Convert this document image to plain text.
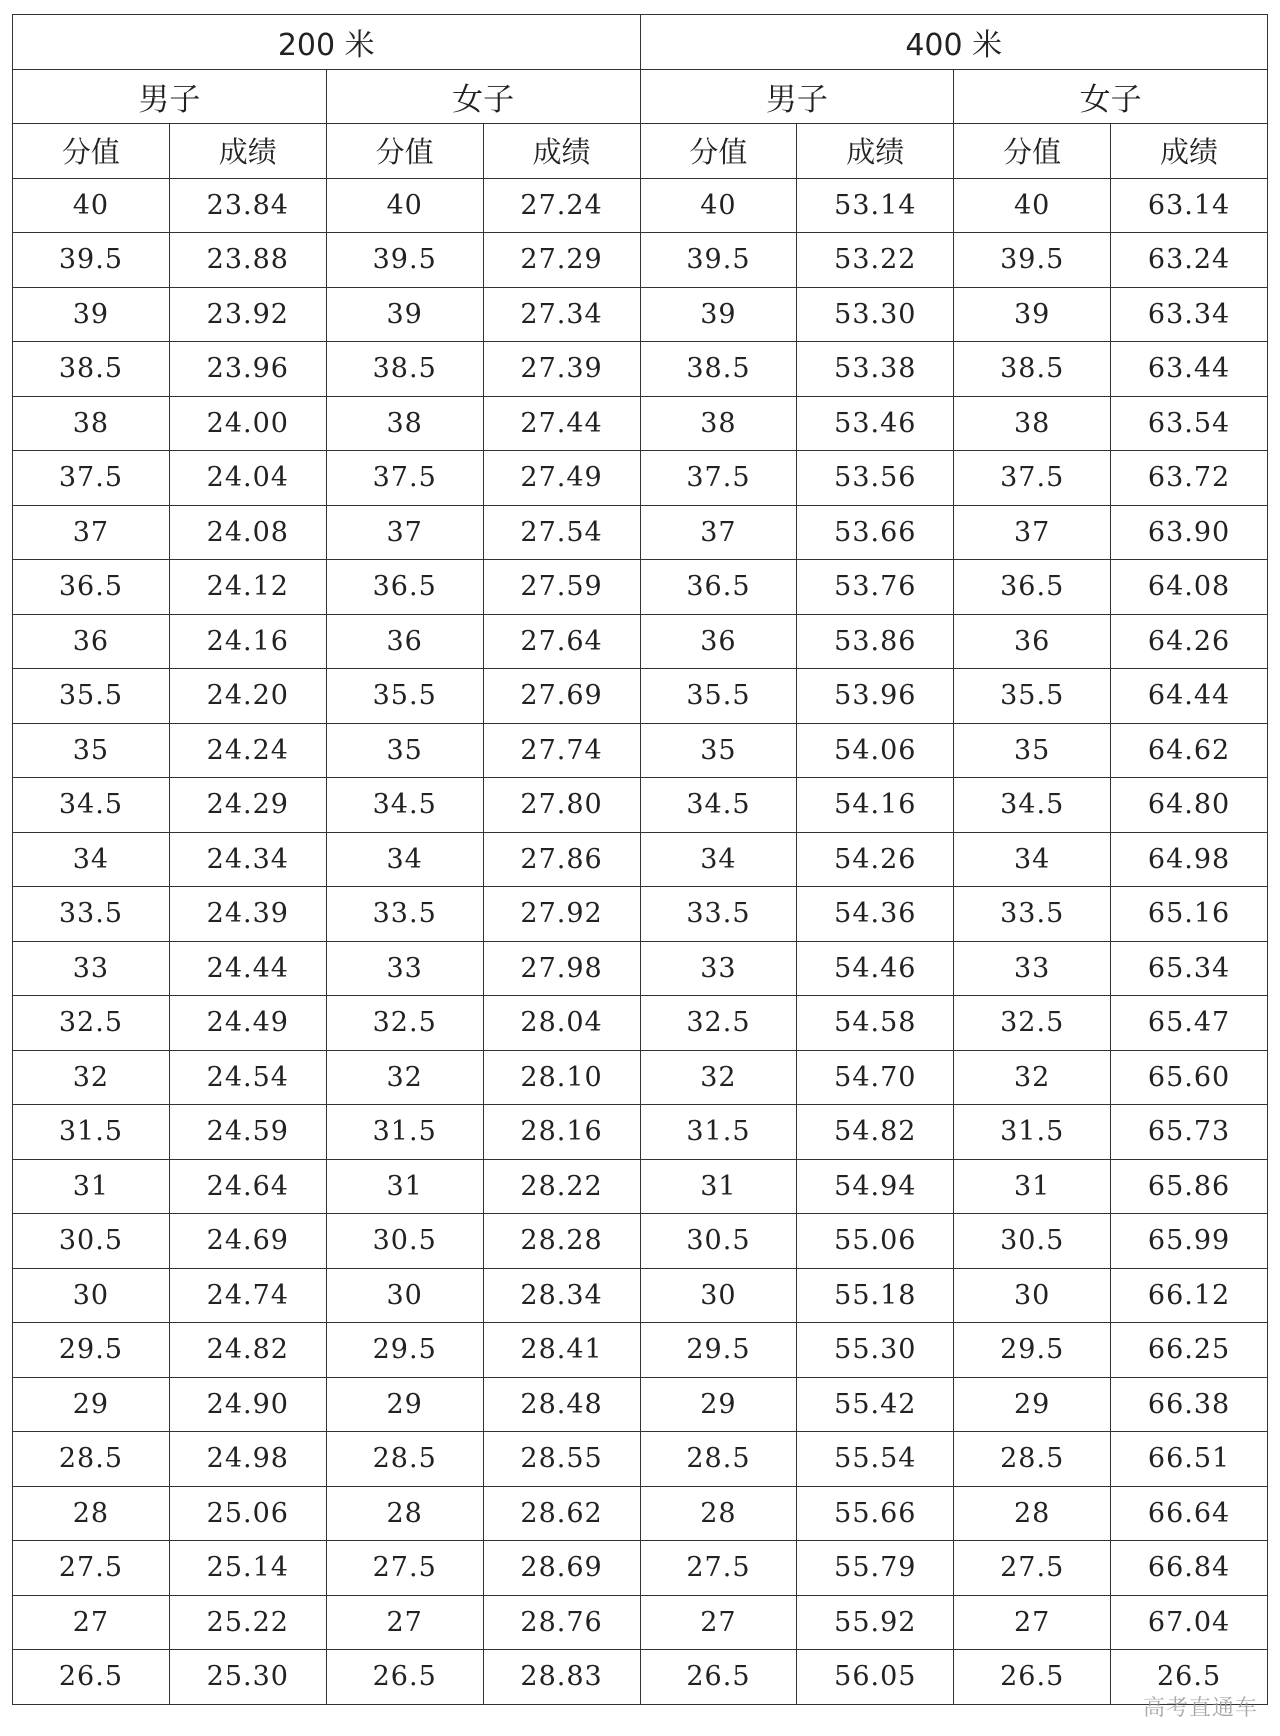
200 米				400 米			
男子		女子		男子		女子	
分值	成绩	分值	成绩	分值	成绩	分值	成绩
40	23.84	40	27.24	40	53.14	40	63.14
39.5	23.88	39.5	27.29	39.5	53.22	39.5	63.24
39	23.92	39	27.34	39	53.30	39	63.34
38.5	23.96	38.5	27.39	38.5	53.38	38.5	63.44
38	24.00	38	27.44	38	53.46	38	63.54
37.5	24.04	37.5	27.49	37.5	53.56	37.5	63.72
37	24.08	37	27.54	37	53.66	37	63.90
36.5	24.12	36.5	27.59	36.5	53.76	36.5	64.08
36	24.16	36	27.64	36	53.86	36	64.26
35.5	24.20	35.5	27.69	35.5	53.96	35.5	64.44
35	24.24	35	27.74	35	54.06	35	64.62
34.5	24.29	34.5	27.80	34.5	54.16	34.5	64.80
34	24.34	34	27.86	34	54.26	34	64.98
33.5	24.39	33.5	27.92	33.5	54.36	33.5	65.16
33	24.44	33	27.98	33	54.46	33	65.34
32.5	24.49	32.5	28.04	32.5	54.58	32.5	65.47
32	24.54	32	28.10	32	54.70	32	65.60
31.5	24.59	31.5	28.16	31.5	54.82	31.5	65.73
31	24.64	31	28.22	31	54.94	31	65.86
30.5	24.69	30.5	28.28	30.5	55.06	30.5	65.99
30	24.74	30	28.34	30	55.18	30	66.12
29.5	24.82	29.5	28.41	29.5	55.30	29.5	66.25
29	24.90	29	28.48	29	55.42	29	66.38
28.5	24.98	28.5	28.55	28.5	55.54	28.5	66.51
28	25.06	28	28.62	28	55.66	28	66.64
27.5	25.14	27.5	28.69	27.5	55.79	27.5	66.84
27	25.22	27	28.76	27	55.92	27	67.04
26.5	25.30	26.5	28.83	26.5	56.05	26.5	26.5
高考直通车
